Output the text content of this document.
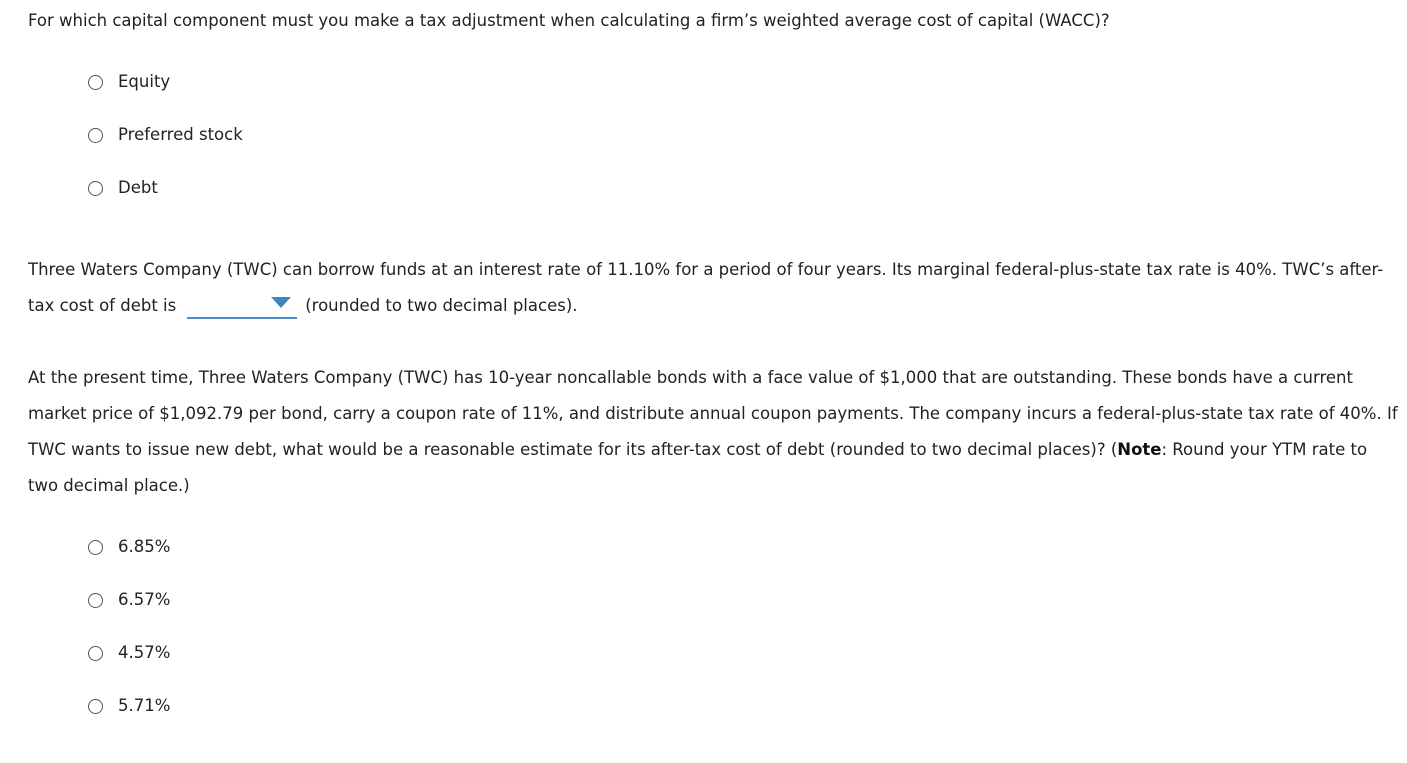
For which capital component must you make a tax adjustment when calculating a firm’s weighted average cost of capital (WACC)?
Equity
Preferred stock
Debt
Three Waters Company (TWC) can borrow funds at an interest rate of 11.10% for a period of four years. Its marginal federal-plus-state tax rate is 40%. TWC’s after-tax cost of debt is	(rounded to two decimal places).
At the present time, Three Waters Company (TWC) has 10-year noncallable bonds with a face value of $1,000 that are outstanding. These bonds have a current market price of $1,092.79 per bond, carry a coupon rate of 11%, and distribute annual coupon payments. The company incurs a federal-plus-state tax rate of 40%. If TWC wants to issue new debt, what would be a reasonable estimate for its after-tax cost of debt (rounded to two decimal places)? (Note: Round your YTM rate to two decimal place.)
6.85%
6.57%
4.57%
5.71%
